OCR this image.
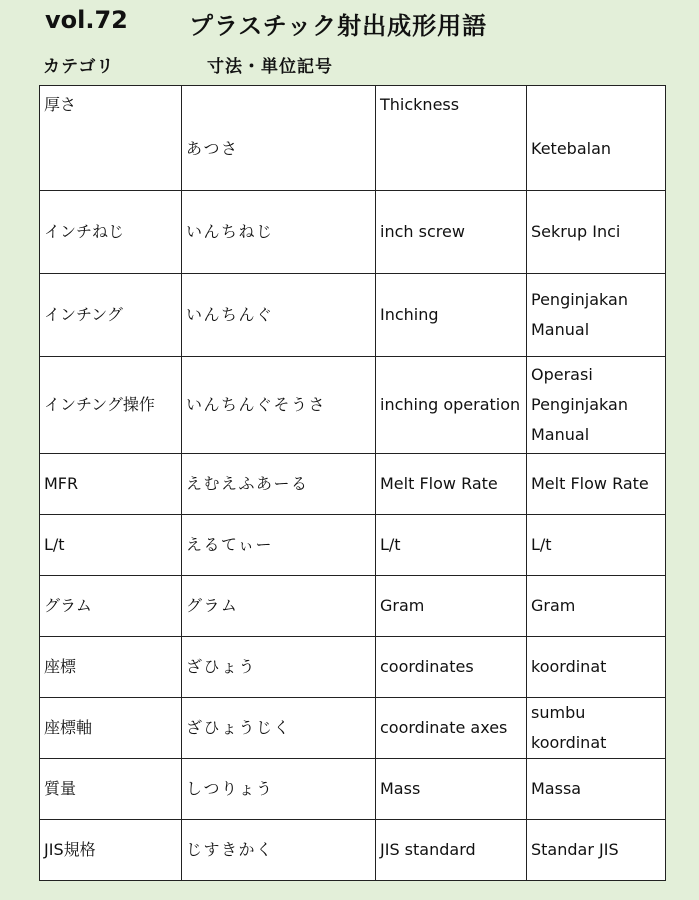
vol.72	プラスチック射出成形用語
カテゴリ	寸法・単位記号
厚さ	あつさ	Thickness	Ketebalan
インチねじ	いんちねじ	inch screw	Sekrup Inci
インチング	いんちんぐ	Inching	Penginjakan Manual
インチング操作	いんちんぐそうさ	inching operation	Operasi Penginjakan Manual
MFR	えむえふあーる	Melt Flow Rate	Melt Flow Rate
L/t	えるてぃー	L/t	L/t
グラム	グラム	Gram	Gram
座標	ざひょう	coordinates	koordinat
座標軸	ざひょうじく	coordinate axes	sumbu koordinat
質量	しつりょう	Mass	Massa
JIS規格	じすきかく	JIS standard	Standar JIS
